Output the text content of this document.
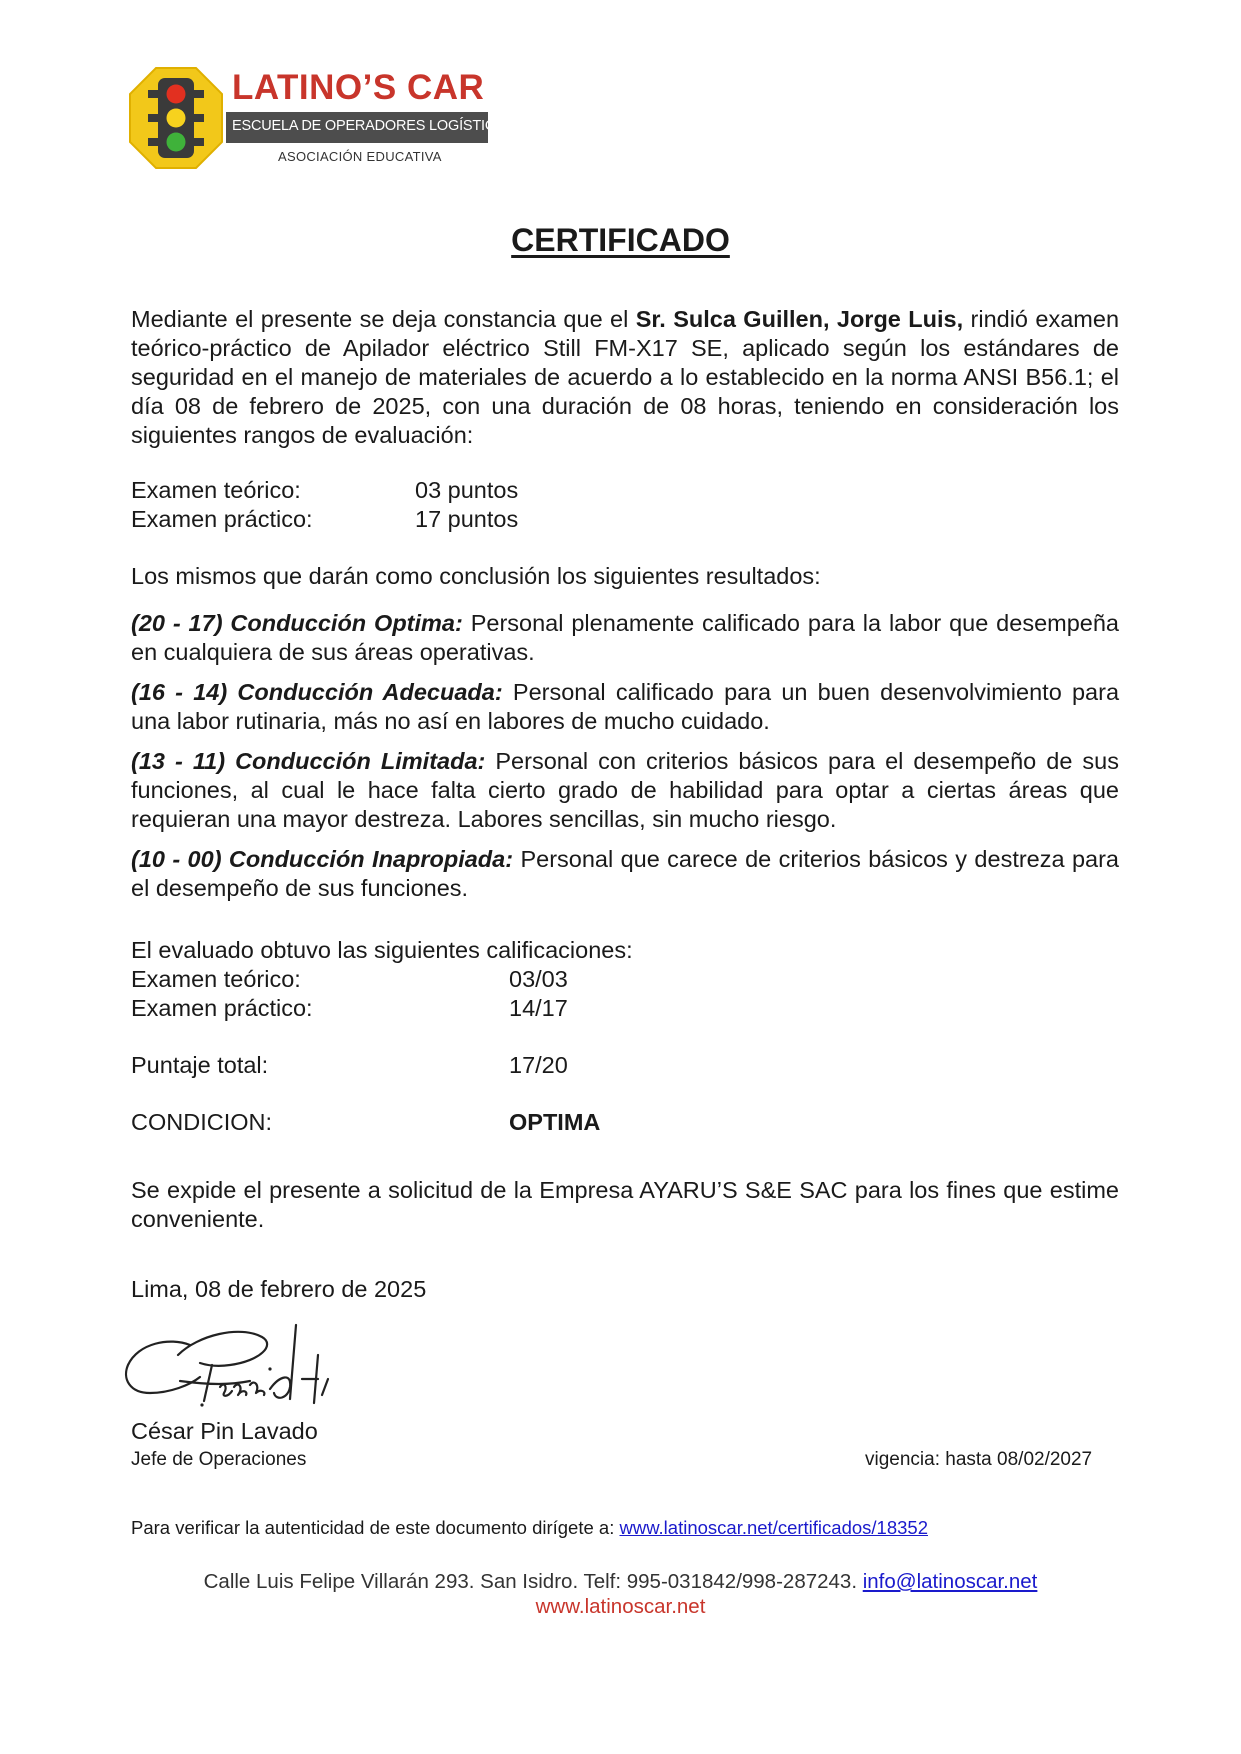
LATINO’S CAR
ESCUELA DE OPERADORES LOGÍSTICOS
ASOCIACIÓN EDUCATIVA
CERTIFICADO
Mediante el presente se deja constancia que el Sr. Sulca Guillen, Jorge Luis, rindió examen teórico-práctico de Apilador eléctrico Still FM-X17 SE, aplicado según los estándares de seguridad en el manejo de materiales de acuerdo a lo establecido en la norma ANSI B56.1; el día 08 de febrero de 2025, con una duración de 08 horas, teniendo en consideración los siguientes rangos de evaluación:
Examen teórico:	03 puntos
Examen práctico:	17 puntos
Los mismos que darán como conclusión los siguientes resultados:
(20 - 17) Conducción Optima: Personal plenamente calificado para la labor que desempeña en cualquiera de sus áreas operativas.
(16 - 14) Conducción Adecuada: Personal calificado para un buen desenvolvimiento para una labor rutinaria, más no así en labores de mucho cuidado.
(13 - 11) Conducción Limitada: Personal con criterios básicos para el desempeño de sus funciones, al cual le hace falta cierto grado de habilidad para optar a ciertas áreas que requieran una mayor destreza. Labores sencillas, sin mucho riesgo.
(10 - 00) Conducción Inapropiada: Personal que carece de criterios básicos y destreza para el desempeño de sus funciones.
El evaluado obtuvo las siguientes calificaciones:
Examen teórico:	03/03
Examen práctico:	14/17
Puntaje total:	17/20
CONDICION:	OPTIMA
Se expide el presente a solicitud de la Empresa AYARU’S S&E SAC para los fines que estime conveniente.
Lima, 08 de febrero de 2025
César Pin Lavado
Jefe de Operaciones	vigencia: hasta 08/02/2027
Para verificar la autenticidad de este documento dirígete a: www.latinoscar.net/certificados/18352
Calle Luis Felipe Villarán 293. San Isidro. Telf: 995-031842/998-287243. info@latinoscar.net
www.latinoscar.net
